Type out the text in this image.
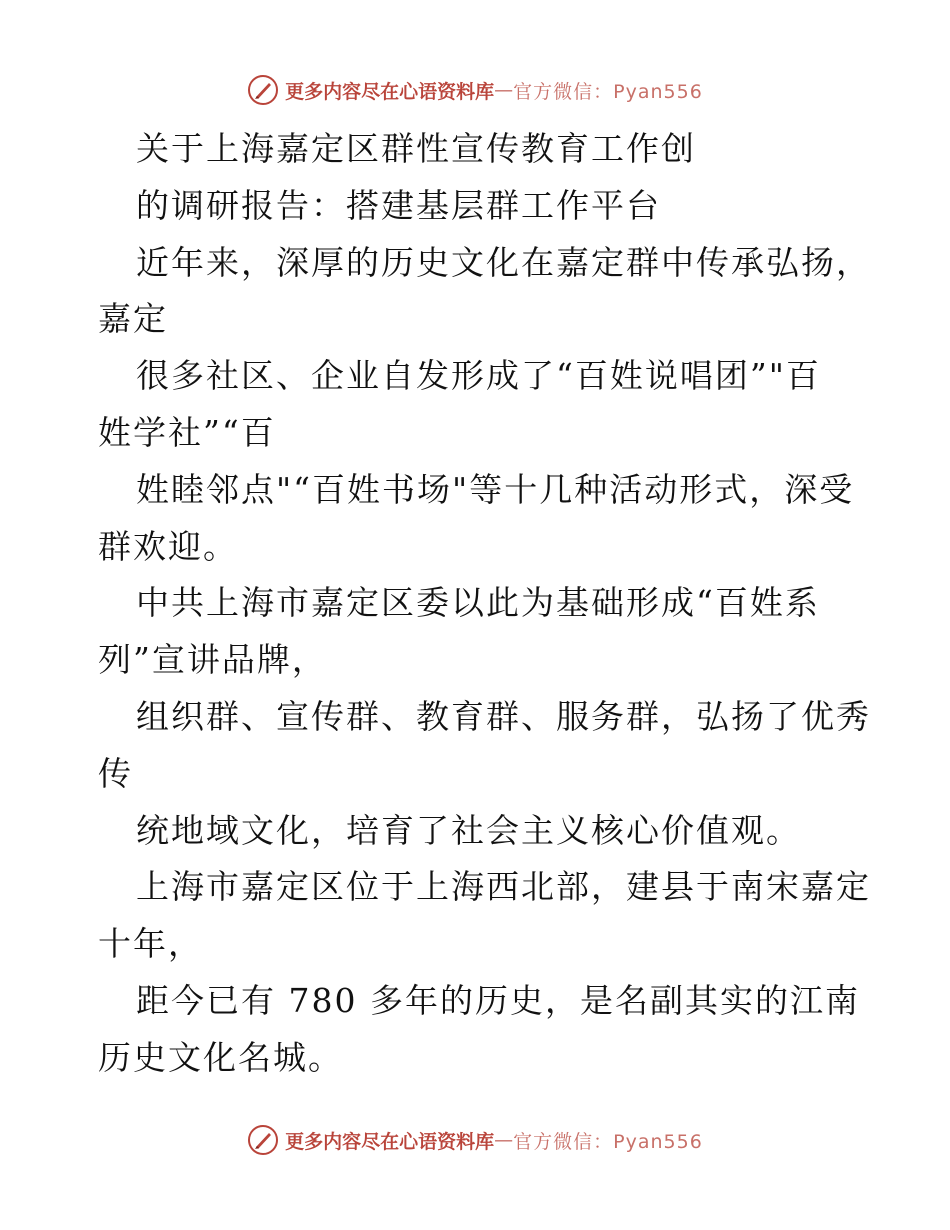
更多内容尽在心语资料库 — 官方微信：Pyan556
关于上海嘉定区群性宣传教育工作创
的调研报告：搭建基层群工作平台
近年来，深厚的历史文化在嘉定群中传承弘扬，
嘉定
很多社区、企业自发形成了“百姓说唱团”"百
姓学社”“百
姓睦邻点"“百姓书场"等十几种活动形式，深受
群欢迎。
中共上海市嘉定区委以此为基础形成“百姓系
列”宣讲品牌，
组织群、宣传群、教育群、服务群，弘扬了优秀
传
统地域文化，培育了社会主义核心价值观。
上海市嘉定区位于上海西北部，建县于南宋嘉定
十年，
距今已有 780 多年的历史，是名副其实的江南
历史文化名城。
更多内容尽在心语资料库 — 官方微信：Pyan556
